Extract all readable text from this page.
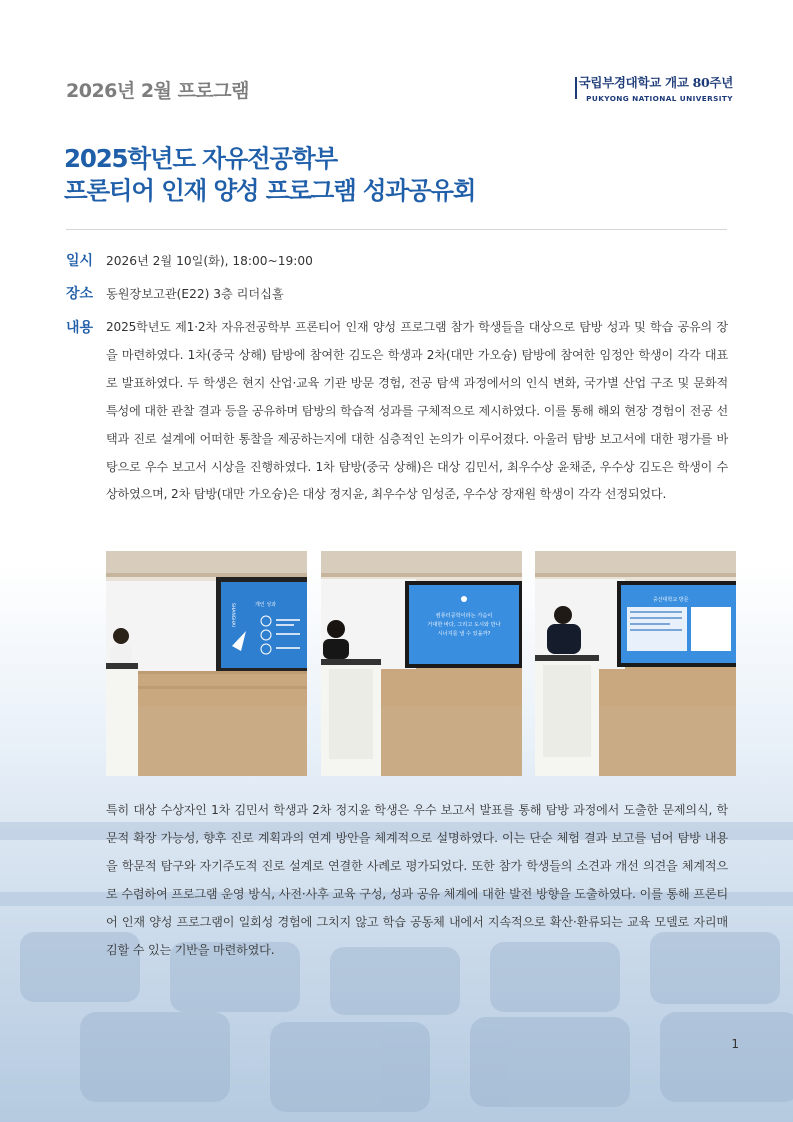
2026년 2월 프로그램	국립부경대학교 개교 80주년
PUKYONG NATIONAL UNIVERSITY
2025학년도 자유전공학부
프론티어 인재 양성 프로그램 성과공유회
일시 2026년 2월 10일(화), 18:00~19:00
장소 동원장보고관(E22) 3층 리더십홀
내용 2025학년도 제1·2차 자유전공학부 프론티어 인재 양성 프로그램 참가 학생들을 대상으로 탐방 성과 및 학습 공유의 장을 마련하였다. 1차(중국 상해) 탐방에 참여한 김도은 학생과 2차(대만 가오슝) 탐방에 참여한 임정안 학생이 각각 대표로 발표하였다. 두 학생은 현지 산업·교육 기관 방문 경험, 전공 탐색 과정에서의 인식 변화, 국가별 산업 구조 및 문화적 특성에 대한 관찰 결과 등을 공유하며 탐방의 학습적 성과를 구체적으로 제시하였다. 이를 통해 해외 현장 경험이 전공 선택과 진로 설계에 어떠한 통찰을 제공하는지에 대한 심층적인 논의가 이루어졌다. 아울러 탐방 보고서에 대한 평가를 바탕으로 우수 보고서 시상을 진행하였다. 1차 탐방(중국 상해)은 대상 김민서, 최우수상 윤채준, 우수상 김도은 학생이 수상하였으며, 2차 탐방(대만 가오슝)은 대상 정지윤, 최우수상 임성준, 우수상 장재원 학생이 각각 선정되었다.
개인 성과
SHANGHAI	컴퓨터공학이라는 가슴이
거대한 바다, 그리고 도시와 만나
시너지를 낼 수 있을까?
중산대학교 방문
특히 대상 수상자인 1차 김민서 학생과 2차 정지윤 학생은 우수 보고서 발표를 통해 탐방 과정에서 도출한 문제의식, 학문적 확장 가능성, 향후 진로 계획과의 연계 방안을 체계적으로 설명하였다. 이는 단순 체험 결과 보고를 넘어 탐방 내용을 학문적 탐구와 자기주도적 진로 설계로 연결한 사례로 평가되었다. 또한 참가 학생들의 소견과 개선 의견을 체계적으로 수렴하여 프로그램 운영 방식, 사전·사후 교육 구성, 성과 공유 체계에 대한 발전 방향을 도출하였다. 이를 통해 프론티어 인재 양성 프로그램이 일회성 경험에 그치지 않고 학습 공동체 내에서 지속적으로 확산·환류되는 교육 모델로 자리매김할 수 있는 기반을 마련하였다.
1
